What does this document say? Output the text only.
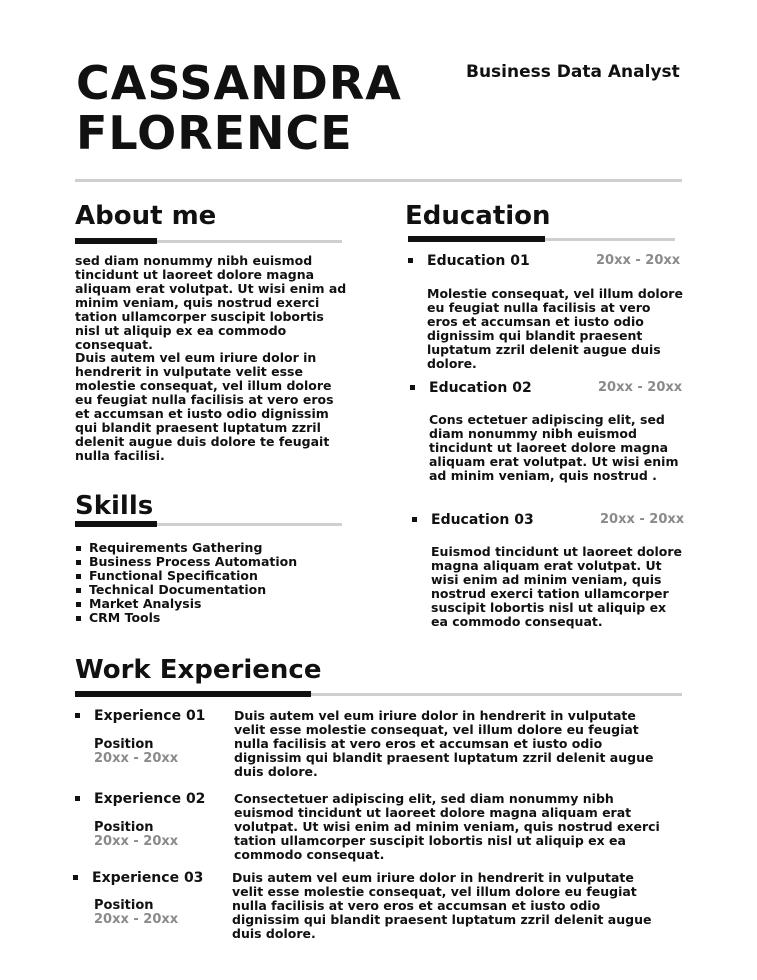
CASSANDRA
FLORENCE
Business Data Analyst
About me

sed diam nonummy nibh euismod tincidunt ut laoreet dolore magna aliquam erat volutpat. Ut wisi enim ad minim veniam, quis nostrud exerci tation ullamcorper suscipit lobortis nisl ut aliquip ex ea commodo consequat.

Duis autem vel eum iriure dolor in hendrerit in vulputate velit esse molestie consequat, vel illum dolore eu feugiat nulla facilisis at vero eros et accumsan et iusto odio dignissim qui blandit praesent luptatum zzril delenit augue duis dolore te feugait nulla facilisi.

Skills
Requirements Gathering
Business Process Automation
Functional Specification
Technical Documentation
Market Analysis
CRM Tools
Education
Education 01	20xx - 20xx

Molestie consequat, vel illum dolore eu feugiat nulla facilisis at vero eros et accumsan et iusto odio dignissim qui blandit praesent luptatum zzril delenit augue duis dolore.

Education 02	20xx - 20xx

Cons ectetuer adipiscing elit, sed diam nonummy nibh euismod tincidunt ut laoreet dolore magna aliquam erat volutpat. Ut wisi enim ad minim veniam, quis nostrud .

Education 03	20xx - 20xx

Euismod tincidunt ut laoreet dolore magna aliquam erat volutpat. Ut wisi enim ad minim veniam, quis nostrud exerci tation ullamcorper suscipit lobortis nisl ut aliquip ex ea commodo consequat.

Work Experience
Experience 01
Position
20xx - 20xx

Duis autem vel eum iriure dolor in hendrerit in vulputate velit esse molestie consequat, vel illum dolore eu feugiat nulla facilisis at vero eros et accumsan et iusto odio dignissim qui blandit praesent luptatum zzril delenit augue duis dolore.

Experience 02
Position
20xx - 20xx

Consectetuer adipiscing elit, sed diam nonummy nibh euismod tincidunt ut laoreet dolore magna aliquam erat volutpat. Ut wisi enim ad minim veniam, quis nostrud exerci tation ullamcorper suscipit lobortis nisl ut aliquip ex ea commodo consequat.

Experience 03
Position
20xx - 20xx

Duis autem vel eum iriure dolor in hendrerit in vulputate velit esse molestie consequat, vel illum dolore eu feugiat nulla facilisis at vero eros et accumsan et iusto odio dignissim qui blandit praesent luptatum zzril delenit augue duis dolore.
